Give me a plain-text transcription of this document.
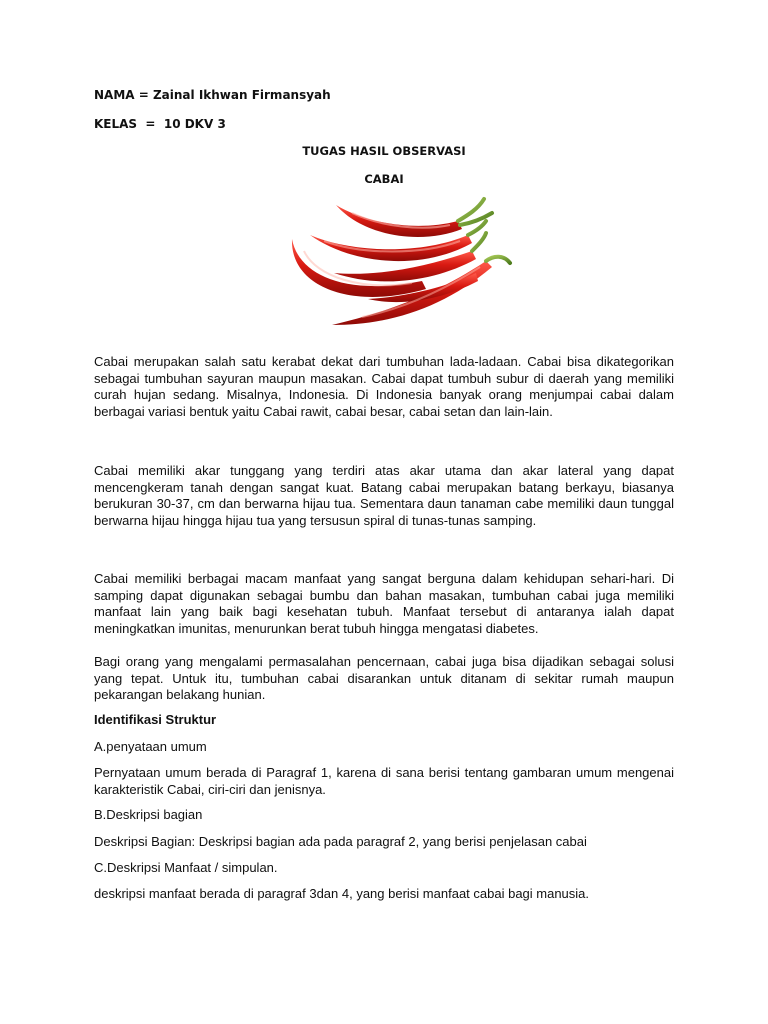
NAMA = Zainal Ikhwan Firmansyah
KELAS  =  10 DKV 3
TUGAS HASIL OBSERVASI
CABAI
Cabai merupakan salah satu kerabat dekat dari tumbuhan lada-ladaan. Cabai bisa dikategorikan sebagai tumbuhan sayuran maupun masakan. Cabai dapat tumbuh subur di daerah yang memiliki curah hujan sedang. Misalnya, Indonesia. Di Indonesia banyak orang menjumpai cabai dalam berbagai variasi bentuk yaitu Cabai rawit, cabai besar, cabai setan dan lain-lain.
Cabai memiliki akar tunggang yang terdiri atas akar utama dan akar lateral yang dapat mencengkeram tanah dengan sangat kuat. Batang cabai merupakan batang berkayu, biasanya berukuran 30-37, cm dan berwarna hijau tua. Sementara daun tanaman cabe memiliki daun tunggal berwarna hijau hingga hijau tua yang tersusun spiral di tunas-tunas samping.
Cabai memiliki berbagai macam manfaat yang sangat berguna dalam kehidupan sehari-hari. Di samping dapat digunakan sebagai bumbu dan bahan masakan, tumbuhan cabai juga memiliki manfaat lain yang baik bagi kesehatan tubuh. Manfaat tersebut di antaranya ialah dapat meningkatkan imunitas, menurunkan berat tubuh hingga mengatasi diabetes.
Bagi orang yang mengalami permasalahan pencernaan, cabai juga bisa dijadikan sebagai solusi yang tepat. Untuk itu, tumbuhan cabai disarankan untuk ditanam di sekitar rumah maupun pekarangan belakang hunian.
Identifikasi Struktur
A.penyataan umum
Pernyataan umum berada di Paragraf 1, karena di sana berisi tentang gambaran umum mengenai karakteristik Cabai, ciri-ciri dan jenisnya.
B.Deskripsi bagian
Deskripsi Bagian: Deskripsi bagian ada pada paragraf 2, yang berisi penjelasan cabai
C.Deskripsi Manfaat / simpulan.
deskripsi manfaat berada di paragraf 3dan 4, yang berisi manfaat cabai bagi manusia.
